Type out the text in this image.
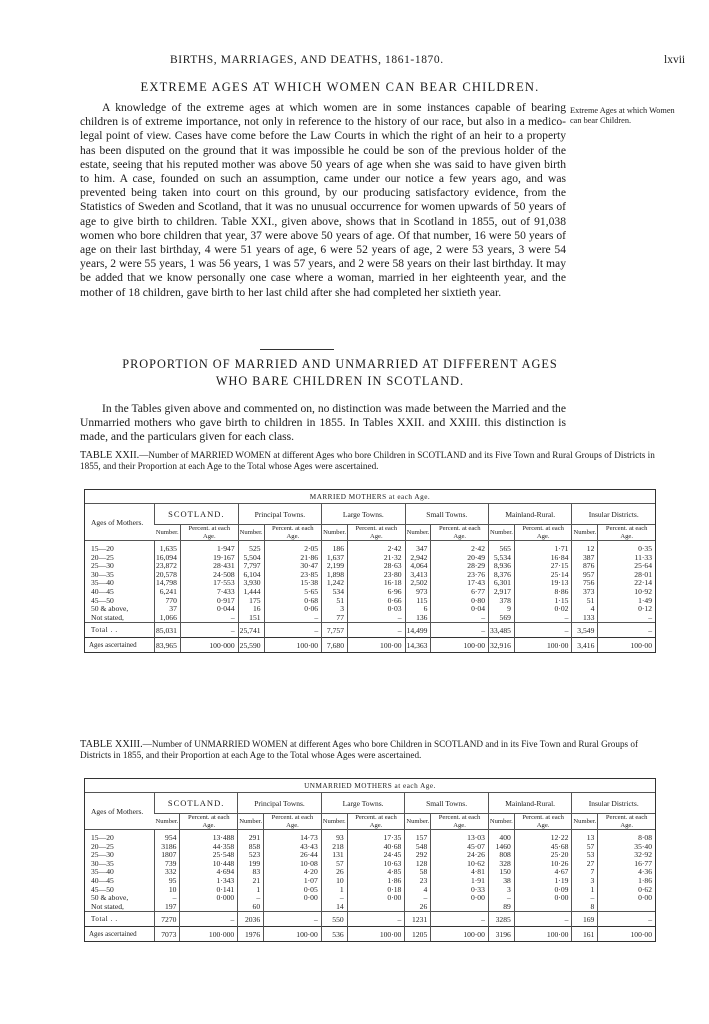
BIRTHS, MARRIAGES, AND DEATHS, 1861-1870.	lxvii
EXTREME AGES AT WHICH WOMEN CAN BEAR CHILDREN.

A knowledge of the extreme ages at which women are in some instances capable of bearing children is of extreme importance, not only in reference to the history of our race, but also in a medico-legal point of view. Cases have come before the Law Courts in which the right of an heir to a property has been disputed on the ground that it was impossible he could be son of the previous holder of the estate, seeing that his reputed mother was above 50 years of age when she was said to have given birth to him. A case, founded on such an assumption, came under our notice a few years ago, and was prevented being taken into court on this ground, by our producing satisfactory evidence, from the Statistics of Sweden and Scotland, that it was no unusual occurrence for women upwards of 50 years of age to give birth to children. Table XXI., given above, shows that in Scotland in 1855, out of 91,038 women who bore children that year, 37 were above 50 years of age. Of that number, 16 were 50 years of age on their last birthday, 4 were 51 years of age, 6 were 52 years of age, 2 were 53 years, 3 were 54 years, 2 were 55 years, 1 was 56 years, 1 was 57 years, and 2 were 58 years on their last birthday. It may be added that we know personally one case where a woman, married in her eighteenth year, and the mother of 18 children, gave birth to her last child after she had completed her sixtieth year.

Extreme Ages at which Women can bear Children.
PROPORTION OF MARRIED AND UNMARRIED AT DIFFERENT AGES
WHO BARE CHILDREN IN SCOTLAND.

In the Tables given above and commented on, no distinction was made between the Married and the Unmarried mothers who gave birth to children in 1855. In Tables XXII. and XXIII. this distinction is made, and the particulars given for each class.

TABLE XXII.—Number of MARRIED WOMEN at different Ages who bore Children in SCOTLAND and its Five Town and Rural Groups of Districts in 1855, and their Proportion at each Age to the Total whose Ages were ascertained.
MARRIED MOTHERS at each Age.												
Ages of Mothers.	SCOTLAND.		Principal Towns.		Large Towns.		Small Towns.		Mainland-Rural.		Insular Districts.	
	Number.	Percent. at each Age.	Number.	Percent. at each Age.	Number.	Percent. at each Age.	Number.	Percent. at each Age.	Number.	Percent. at each Age.	Number.	Percent. at each Age.

15—20	1,635	1·947	525	2·05	186	2·42	347	2·42	565	1·71	12	0·35
20—25	16,094	19·167	5,504	21·86	1,637	21·32	2,942	20·49	5,534	16·84	387	11·33
25—30	23,872	28·431	7,797	30·47	2,199	28·63	4,064	28·29	8,936	27·15	876	25·64
30—35	20,578	24·508	6,104	23·85	1,898	23·80	3,413	23·76	8,376	25·14	957	28·01
35—40	14,798	17·553	3,930	15·38	1,242	16·18	2,502	17·43	6,301	19·13	756	22·14
40—45	6,241	7·433	1,444	5·65	534	6·96	973	6·77	2,917	8·86	373	10·92
45—50	770	0·917	175	0·68	51	0·66	115	0·80	378	1·15	51	1·49
50 & above,	37	0·044	16	0·06	3	0·03	6	0·04	9	0·02	4	0·12
Not stated,	1,066	–	151	–	77	–	136	–	569	–	133	–
Total . .	85,031	–	25,741	–	7,757	–	14,499	–	33,485	–	3,549	–
Ages ascertained	83,965	100·000	25,590	100·00	7,680	100·00	14,363	100·00	32,916	100·00	3,416	100·00
TABLE XXIII.—Number of UNMARRIED WOMEN at different Ages who bore Children in SCOTLAND and in its Five Town and Rural Groups of Districts in 1855, and their Proportion at each Age to the Total whose Ages were ascertained.
UNMARRIED MOTHERS at each Age.												
Ages of Mothers.	SCOTLAND.		Principal Towns.		Large Towns.		Small Towns.		Mainland-Rural.		Insular Districts.	
	Number.	Percent. at each Age.	Number.	Percent. at each Age.	Number.	Percent. at each Age.	Number.	Percent. at each Age.	Number.	Percent. at each Age.	Number.	Percent. at each Age.

15—20	954	13·488	291	14·73	93	17·35	157	13·03	400	12·22	13	8·08
20—25	3186	44·358	858	43·43	218	40·68	548	45·07	1460	45·68	57	35·40
25—30	1807	25·548	523	26·44	131	24·45	292	24·26	808	25·20	53	32·92
30—35	739	10·448	199	10·08	57	10·63	128	10·62	328	10·26	27	16·77
35—40	332	4·694	83	4·20	26	4·85	58	4·81	150	4·67	7	4·36
40—45	95	1·343	21	1·07	10	1·86	23	1·91	38	1·19	3	1·86
45—50	10	0·141	1	0·05	1	0·18	4	0·33	3	0·09	1	0·62
50 & above,	–	0·000	–	0·00	–	0·00	–	0·00	–	0·00	–	0·00
Not stated,	197		60		14		26		89		8	
Total . .	7270	–	2036	–	550	–	1231	–	3285	–	169	–
Ages ascertained	7073	100·000	1976	100·00	536	100·00	1205	100·00	3196	100·00	161	100·00
